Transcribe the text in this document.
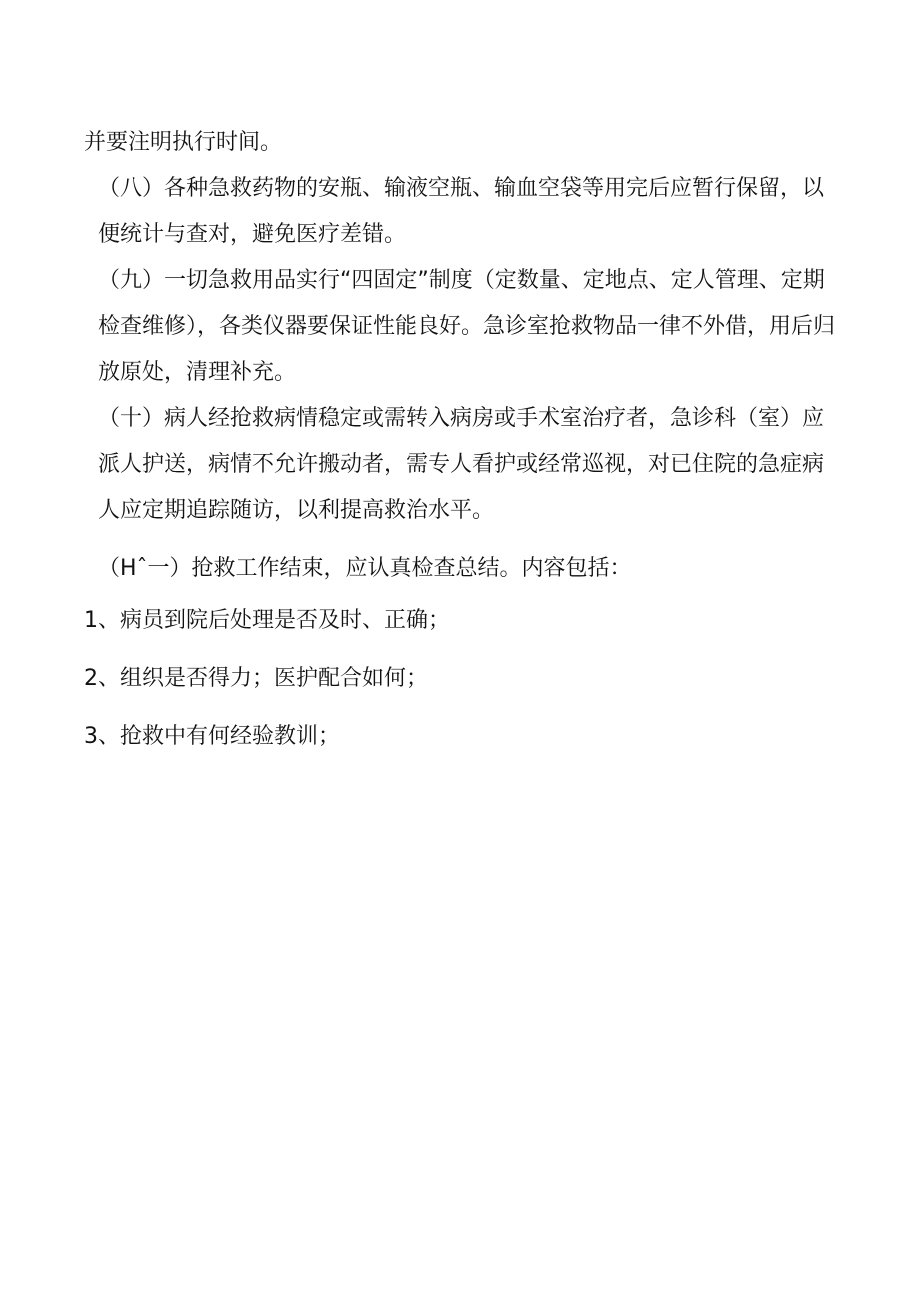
并要注明执行时间。

（八）各种急救药物的安瓶、输液空瓶、输血空袋等用完后应暂行保留，以便统计与查对，避免医疗差错。

（九）一切急救用品实行“四固定”制度（定数量、定地点、定人管理、定期检查维修），各类仪器要保证性能良好。急诊室抢救物品一律不外借，用后归放原处，清理补充。

（十）病人经抢救病情稳定或需转入病房或手术室治疗者，急诊科（室）应派人护送，病情不允许搬动者，需专人看护或经常巡视，对已住院的急症病人应定期追踪随访，以利提高救治水平。

（Hˆ一）抢救工作结束，应认真检查总结。内容包括：

1、病员到院后处理是否及时、正确；

2、组织是否得力；医护配合如何；

3、抢救中有何经验教训；
